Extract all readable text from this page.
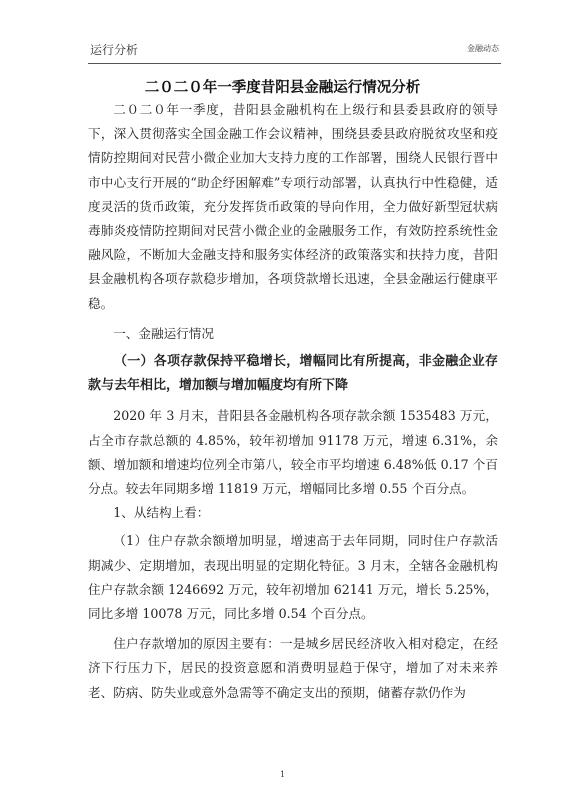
运行分析	金融动态
二０二０年一季度昔阳县金融运行情况分析

二０二０年一季度，昔阳县金融机构在上级行和县委县政府的领导下，深入贯彻落实全国金融工作会议精神，围绕县委县政府脱贫攻坚和疫情防控期间对民营小微企业加大支持力度的工作部署，围绕人民银行晋中市中心支行开展的“助企纾困解难”专项行动部署，认真执行中性稳健，适度灵活的货币政策，充分发挥货币政策的导向作用，全力做好新型冠状病毒肺炎疫情防控期间对民营小微企业的金融服务工作，有效防控系统性金融风险，不断加大金融支持和服务实体经济的政策落实和扶持力度，昔阳县金融机构各项存款稳步增加，各项贷款增长迅速，全县金融运行健康平稳。

一、金融运行情况

（一）各项存款保持平稳增长，增幅同比有所提高，非金融企业存款与去年相比，增加额与增加幅度均有所下降

2020 年 3 月末，昔阳县各金融机构各项存款余额 1535483 万元，占全市存款总额的 4.85%，较年初增加 91178 万元，增速 6.31%，余额、增加额和增速均位列全市第八，较全市平均增速 6.48%低 0.17 个百分点。较去年同期多增 11819 万元，增幅同比多增 0.55 个百分点。

1、从结构上看：

（1）住户存款余额增加明显，增速高于去年同期，同时住户存款活期减少、定期增加，表现出明显的定期化特征。3 月末，全辖各金融机构住户存款余额 1246692 万元，较年初增加 62141 万元，增长 5.25%，同比多增 10078 万元，同比多增 0.54 个百分点。

住户存款增加的原因主要有：一是城乡居民经济收入相对稳定，在经济下行压力下，居民的投资意愿和消费明显趋于保守，增加了对未来养老、防病、防失业或意外急需等不确定支出的预期，储蓄存款仍作为

1
